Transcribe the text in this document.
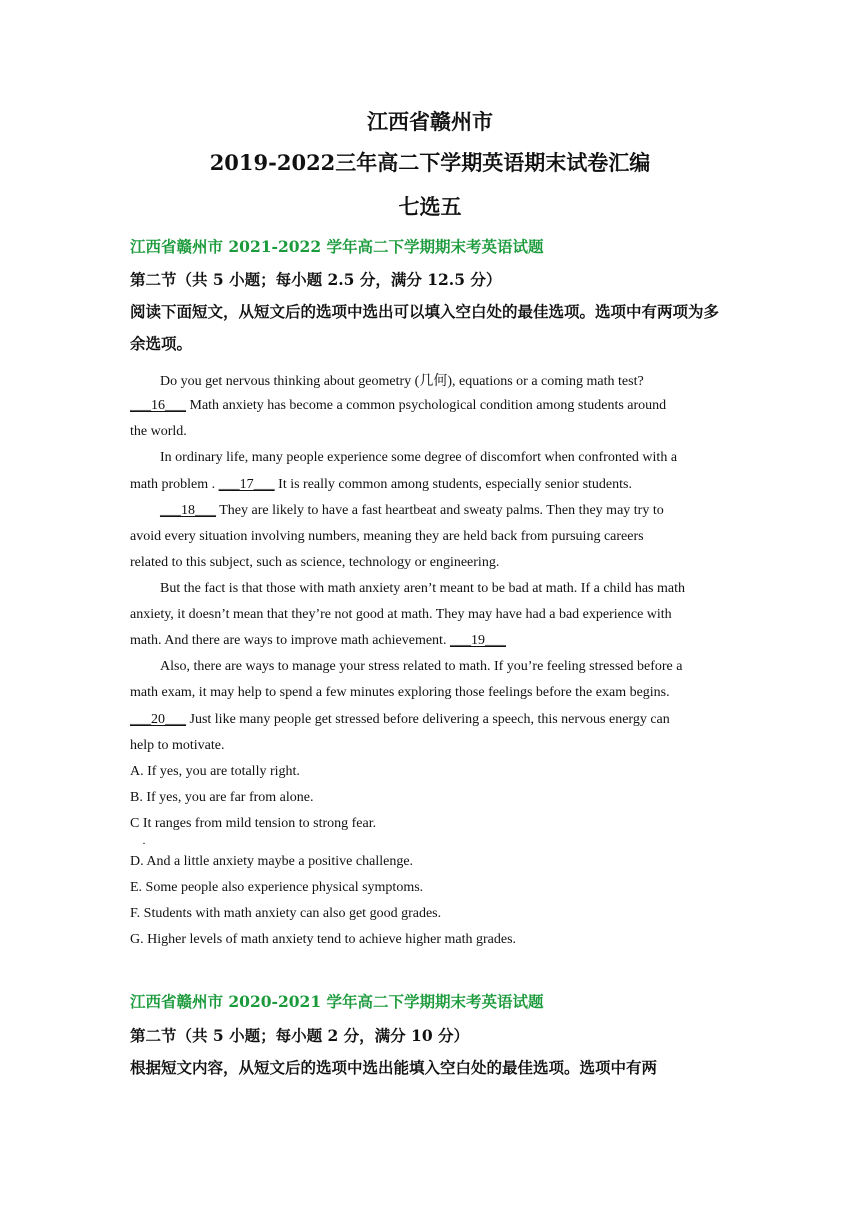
江西省赣州市
2019-2022三年高二下学期英语期末试卷汇编
七选五
江西省赣州市 2021-2022 学年高二下学期期末考英语试题
第二节（共 5 小题；每小题 2.5 分，满分 12.5 分）
阅读下面短文，从短文后的选项中选出可以填入空白处的最佳选项。选项中有两项为多余选项。
Do you get nervous thinking about geometry (几何), equations or a coming math test?
___16___ Math anxiety has become a common psychological condition among students around
the world.
In ordinary life, many people experience some degree of discomfort when confronted with a
math problem . ___17___ It is really common among students, especially senior students.
___18___ They are likely to have a fast heartbeat and sweaty palms. Then they may try to
avoid every situation involving numbers, meaning they are held back from pursuing careers
related to this subject, such as science, technology or engineering.
But the fact is that those with math anxiety aren’t meant to be bad at math. If a child has math
anxiety, it doesn’t mean that they’re not good at math. They may have had a bad experience with
math. And there are ways to improve math achievement. ___19___
Also, there are ways to manage your stress related to math. If you’re feeling stressed before a
math exam, it may help to spend a few minutes exploring those feelings before the exam begins.
___20___ Just like many people get stressed before delivering a speech, this nervous energy can
help to motivate.
A. If yes, you are totally right.
B. If yes, you are far from alone.
C It ranges from mild tension to strong fear.
·
D. And a little anxiety maybe a positive challenge.
E. Some people also experience physical symptoms.
F. Students with math anxiety can also get good grades.
G. Higher levels of math anxiety tend to achieve higher math grades.
江西省赣州市 2020-2021 学年高二下学期期末考英语试题
第二节（共 5 小题；每小题 2 分，满分 10 分）
根据短文内容，从短文后的选项中选出能填入空白处的最佳选项。选项中有两
